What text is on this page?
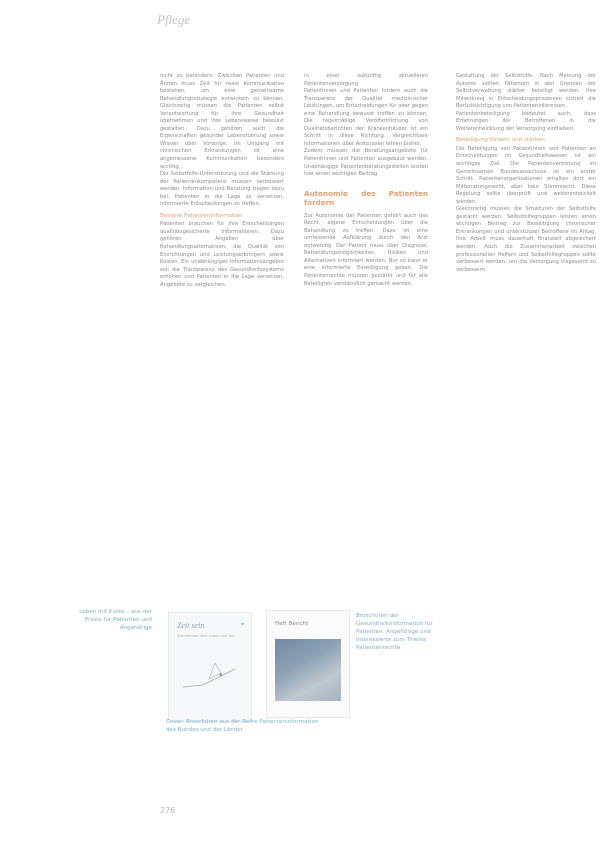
Pflege

nicht zu behindern. Zwischen Patienten und Ärzten muss Zeit für reale Kommunikation bestehen, um eine gemeinsame Behandlungsstrategie entwickeln zu können. Gleichzeitig müssen die Patienten selbst Verantwortung für ihre Gesundheit übernehmen und ihre Lebensweise bewusst gestalten. Dazu gehören auch die Eigenschaften gesunder Lebensführung sowie Wissen über Vorsorge. Im Umgang mit chronischen Erkrankungen ist eine angemessene Kommunikation besonders wichtig.

Die Selbsthilfe-Unterstützung und die Stärkung der Patientenkompetenz müssen verbessert werden. Information und Beratung tragen dazu bei, Patienten in die Lage zu versetzen, informierte Entscheidungen zu treffen.

Bessere Patienteninformation

Patienten brauchen für ihre Entscheidungen qualitätsgesicherte Informationen. Dazu gehören Angaben über Behandlungsalternativen, die Qualität von Einrichtungen und Leistungserbringern sowie Kosten. Ein unabhängiges Informationsangebot soll die Transparenz des Gesundheitssystems erhöhen und Patienten in die Lage versetzen, Angebote zu vergleichen.

in einer zukünftig aktuelleren Patientenversorgung.

Patientinnen und Patienten fordern auch die Transparenz der Qualität medizinischer Leistungen, um Entscheidungen für oder gegen eine Behandlung bewusst treffen zu können. Die regelmäßige Veröffentlichung von Qualitätsberichten der Krankenhäuser ist ein Schritt in diese Richtung. Vergleichbare Informationen über Arztpraxen fehlen bisher.

Zudem müssen die Beratungsangebote für Patientinnen und Patienten ausgebaut werden. Unabhängige Patientenberatungsstellen leisten hier einen wichtigen Beitrag.

Autonomie des Patienten fördern

Zur Autonomie der Patienten gehört auch das Recht, eigene Entscheidungen über die Behandlung zu treffen. Dazu ist eine umfassende Aufklärung durch den Arzt notwendig. Der Patient muss über Diagnose, Behandlungsmöglichkeiten, Risiken und Alternativen informiert werden. Nur so kann er eine informierte Einwilligung geben. Die Patientenrechte müssen gestärkt und für alle Beteiligten verständlich gemacht werden.

Gestaltung der Selbsthilfe. Nach Meinung der Autoren sollten Patienten in den Gremien der Selbstverwaltung stärker beteiligt werden. Ihre Mitwirkung in Entscheidungsprozessen sichert die Berücksichtigung von Patienteninteressen.

Patientenbeteiligung bedeutet auch, dass Erfahrungen der Betroffenen in die Weiterentwicklung der Versorgung einfließen.

Beteiligung fördern und stärken

Die Beteiligung von Patientinnen und Patienten an Entscheidungen im Gesundheitswesen ist ein wichtiges Ziel. Die Patientenvertretung im Gemeinsamen Bundesausschuss ist ein erster Schritt. Patientenorganisationen erhalten dort ein Mitberatungsrecht, aber kein Stimmrecht. Diese Regelung sollte überprüft und weiterentwickelt werden.

Gleichzeitig müssen die Strukturen der Selbsthilfe gestärkt werden. Selbsthilfegruppen leisten einen wichtigen Beitrag zur Bewältigung chronischer Erkrankungen und unterstützen Betroffene im Alltag. Ihre Arbeit muss dauerhaft finanziell abgesichert werden. Auch die Zusammenarbeit zwischen professionellen Helfern und Selbsthilfegruppen sollte verbessert werden, um die Versorgung insgesamt zu verbessern.

Leben mit Krebs – aus der Praxis für Patienten und Angehörige	Zeit sein
Nachdenken über Leben und Tod
✦	Heft Bericht
Cover: Broschüren aus der Reihe Patienteninformation des Bundes und der Länder
Broschüren der Gesundheitsinformation für Patienten, Angehörige und Interessierte zum Thema Patientenrechte
276
